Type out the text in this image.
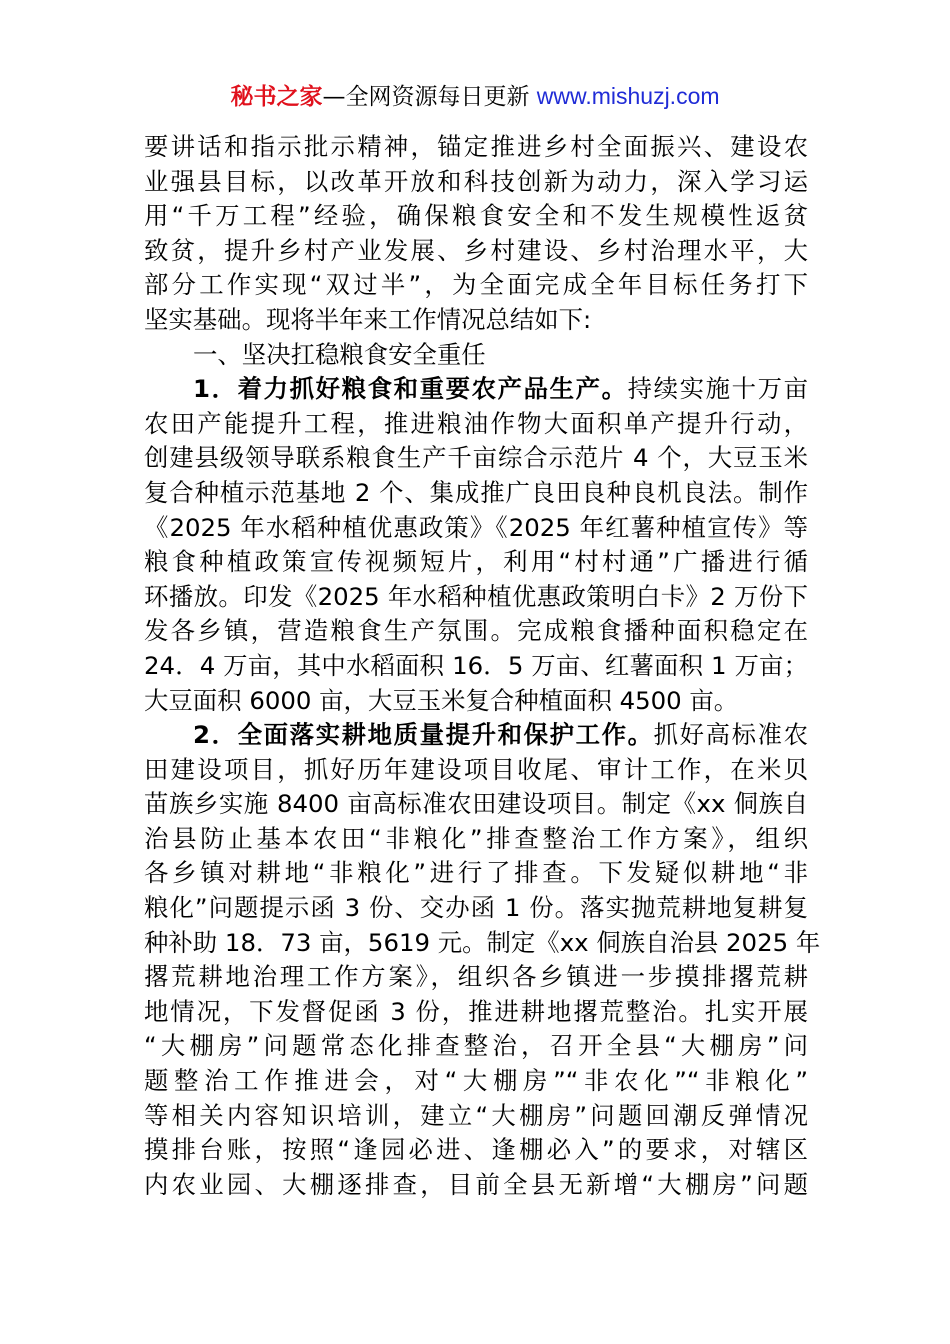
秘书之家—全网资源每日更新 www.mishuzj.com
要讲话和指示批示精神，锚定推进乡村全面振兴、建设农
业强县目标，以改革开放和科技创新为动力，深入学习运
用“千万工程”经验，确保粮食安全和不发生规模性返贫
致贫，提升乡村产业发展、乡村建设、乡村治理水平，大
部分工作实现“双过半”，为全面完成全年目标任务打下
坚实基础。现将半年来工作情况总结如下:
一、坚决扛稳粮食安全重任
1．着力抓好粮食和重要农产品生产。持续实施十万亩
农田产能提升工程，推进粮油作物大面积单产提升行动，
创建县级领导联系粮食生产千亩综合示范片 4 个，大豆玉米
复合种植示范基地 2 个、集成推广良田良种良机良法。制作
《2025 年水稻种植优惠政策》《2025 年红薯种植宣传》等
粮食种植政策宣传视频短片，利用“村村通”广播进行循
环播放。印发《2025 年水稻种植优惠政策明白卡》2 万份下
发各乡镇，营造粮食生产氛围。完成粮食播种面积稳定在
24．4 万亩，其中水稻面积 16．5 万亩、红薯面积 1 万亩；
大豆面积 6000 亩，大豆玉米复合种植面积 4500 亩。
2．全面落实耕地质量提升和保护工作。抓好高标准农
田建设项目，抓好历年建设项目收尾、审计工作，在米贝
苗族乡实施 8400 亩高标准农田建设项目。制定《xx 侗族自
治县防止基本农田“非粮化”排查整治工作方案》，组织
各乡镇对耕地“非粮化”进行了排查。下发疑似耕地“非
粮化”问题提示函 3 份、交办函 1 份。落实抛荒耕地复耕复
种补助 18．73 亩，5619 元。制定《xx 侗族自治县 2025 年
撂荒耕地治理工作方案》，组织各乡镇进一步摸排撂荒耕
地情况，下发督促函 3 份，推进耕地撂荒整治。扎实开展
“大棚房”问题常态化排查整治，召开全县“大棚房”问
题整治工作推进会，对“大棚房”“非农化”“非粮化”
等相关内容知识培训，建立“大棚房”问题回潮反弹情况
摸排台账，按照“逢园必进、逢棚必入”的要求，对辖区
内农业园、大棚逐排查，目前全县无新增“大棚房”问题
